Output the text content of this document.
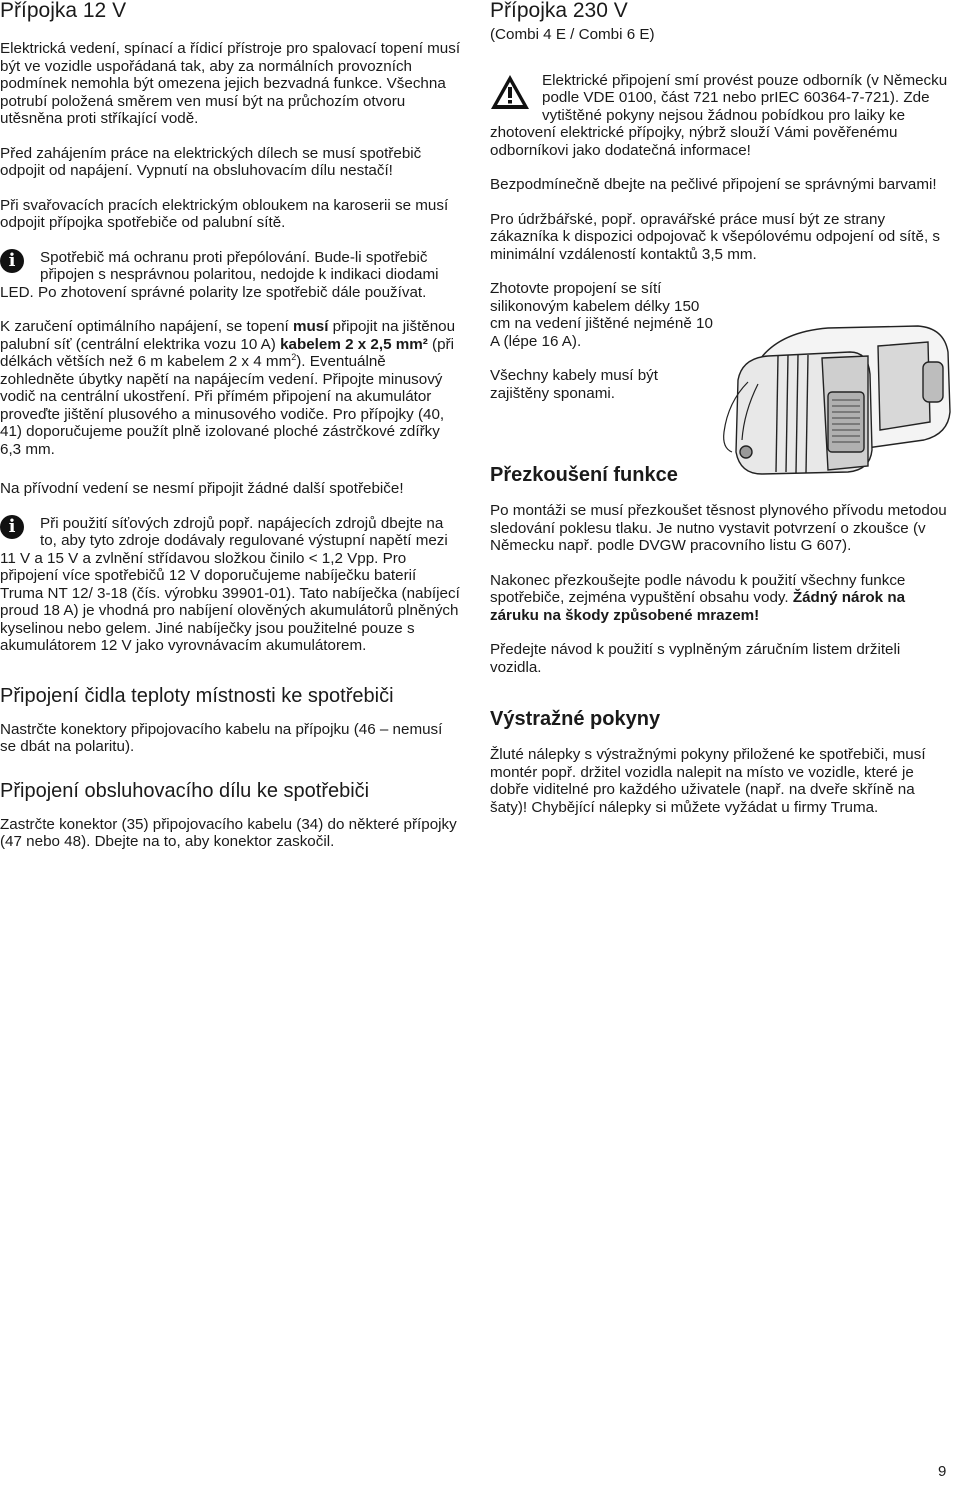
Přípojka 12 V

Elektrická vedení, spínací a řídicí přístroje pro spalovací topení musí být ve vozidle uspořádaná tak, aby za normálních provozních podmínek nemohla být omezena jejich bezvadná funkce. Všechna potrubí položená směrem ven musí být na průchozím otvoru utěsněna proti stříkající vodě.

Před zahájením práce na elektrických dílech se musí spotřebič odpojit od napájení. Vypnutí na obsluhovacím dílu nestačí!

Při svařovacích pracích elektrickým obloukem na karoserii se musí odpojit přípojka spotřebiče od palubní sítě.

i	Spotřebič má ochranu proti přepólování. Bude-li spotřebič připojen s nesprávnou polaritou, nedojde k indikaci diodami LED. Po zhotovení správné polarity lze spotřebič dále používat.

K zaručení optimálního napájení, se topení musí připojit na jištěnou palubní síť (centrální elektrika vozu 10 A) kabelem 2 x 2,5 mm² (při délkách větších než 6 m kabelem 2 x 4 $mm^2$). Eventuálně zohledněte úbytky napětí na napájecím vedení. Připojte minusový vodič na centrální ukostření. Při přímém připojení na akumulátor proveďte jištění plusového a minusového vodiče. Pro přípojky (40, 41) doporučujeme použít plně izolované ploché zástrčkové zdířky 6,3 mm.

Na přívodní vedení se nesmí připojit žádné další spotřebiče!

i	Při použití síťových zdrojů popř. napájecích zdrojů dbejte na to, aby tyto zdroje dodávaly regulované výstupní napětí mezi 11 V a 15 V a zvlnění střídavou složkou činilo < 1,2 Vpp. Pro připojení více spotřebičů 12 V doporučujeme nabíječku baterií Truma NT 12/ 3-18 (čís. výrobku 39901-01). Tato nabíječka (nabíjecí proud 18 A) je vhodná pro nabíjení olověných akumulátorů plněných kyselinou nebo gelem. Jiné nabíječky jsou použitelné pouze s akumulátorem 12 V jako vyrovnávacím akumulátorem.
Připojení čidla teploty místnosti ke spotřebiči

Nastrčte konektory připojovacího kabelu na přípojku (46 – nemusí se dbát na polaritu).

Připojení obsluhovacího dílu ke spotřebiči

Zastrčte konektor (35) připojovacího kabelu (34) do některé přípojky (47 nebo 48). Dbejte na to, aby konektor zaskočil.

Přípojka 230 V

(Combi 4 E / Combi 6 E)

Elektrické připojení smí provést pouze odborník (v Německu podle VDE 0100, část 721 nebo prIEC 60364-7-721). Zde vytištěné pokyny nejsou žádnou pobídkou pro laiky ke zhotovení elektrické přípojky, nýbrž slouží Vámi pověřenému odborníkovi jako dodatečná informace!

Bezpodmínečně dbejte na pečlivé připojení se správnými barvami!

Pro údržbářské, popř. opravářské práce musí být ze strany zákazníka k dispozici odpojovač k všepólovému odpojení od sítě, s minimální vzdáleností kontaktů 3,5 mm.

Zhotovte propojení se sítí silikonovým kabelem délky 150 cm na vedení jištěné nejméně 10 A (lépe 16 A).

Všechny kabely musí být zajištěny sponami.

Přezkoušení funkce

Po montáži se musí přezkoušet těsnost plynového přívodu metodou sledování poklesu tlaku. Je nutno vystavit potvrzení o zkoušce (v Německu např. podle DVGW pracovního listu G 607).

Nakonec přezkoušejte podle návodu k použití všechny funkce spotřebiče, zejména vypuštění obsahu vody. Žádný nárok na záruku na škody způsobené mrazem!

Předejte návod k použití s vyplněným záručním listem držiteli vozidla.

Výstražné pokyny

Žluté nálepky s výstražnými pokyny přiložené ke spotřebiči, musí montér popř. držitel vozidla nalepit na místo ve vozidle, které je dobře viditelné pro každého uživatele (např. na dveře skříně na šaty)! Chybějící nálepky si můžete vyžádat u firmy Truma.

9
